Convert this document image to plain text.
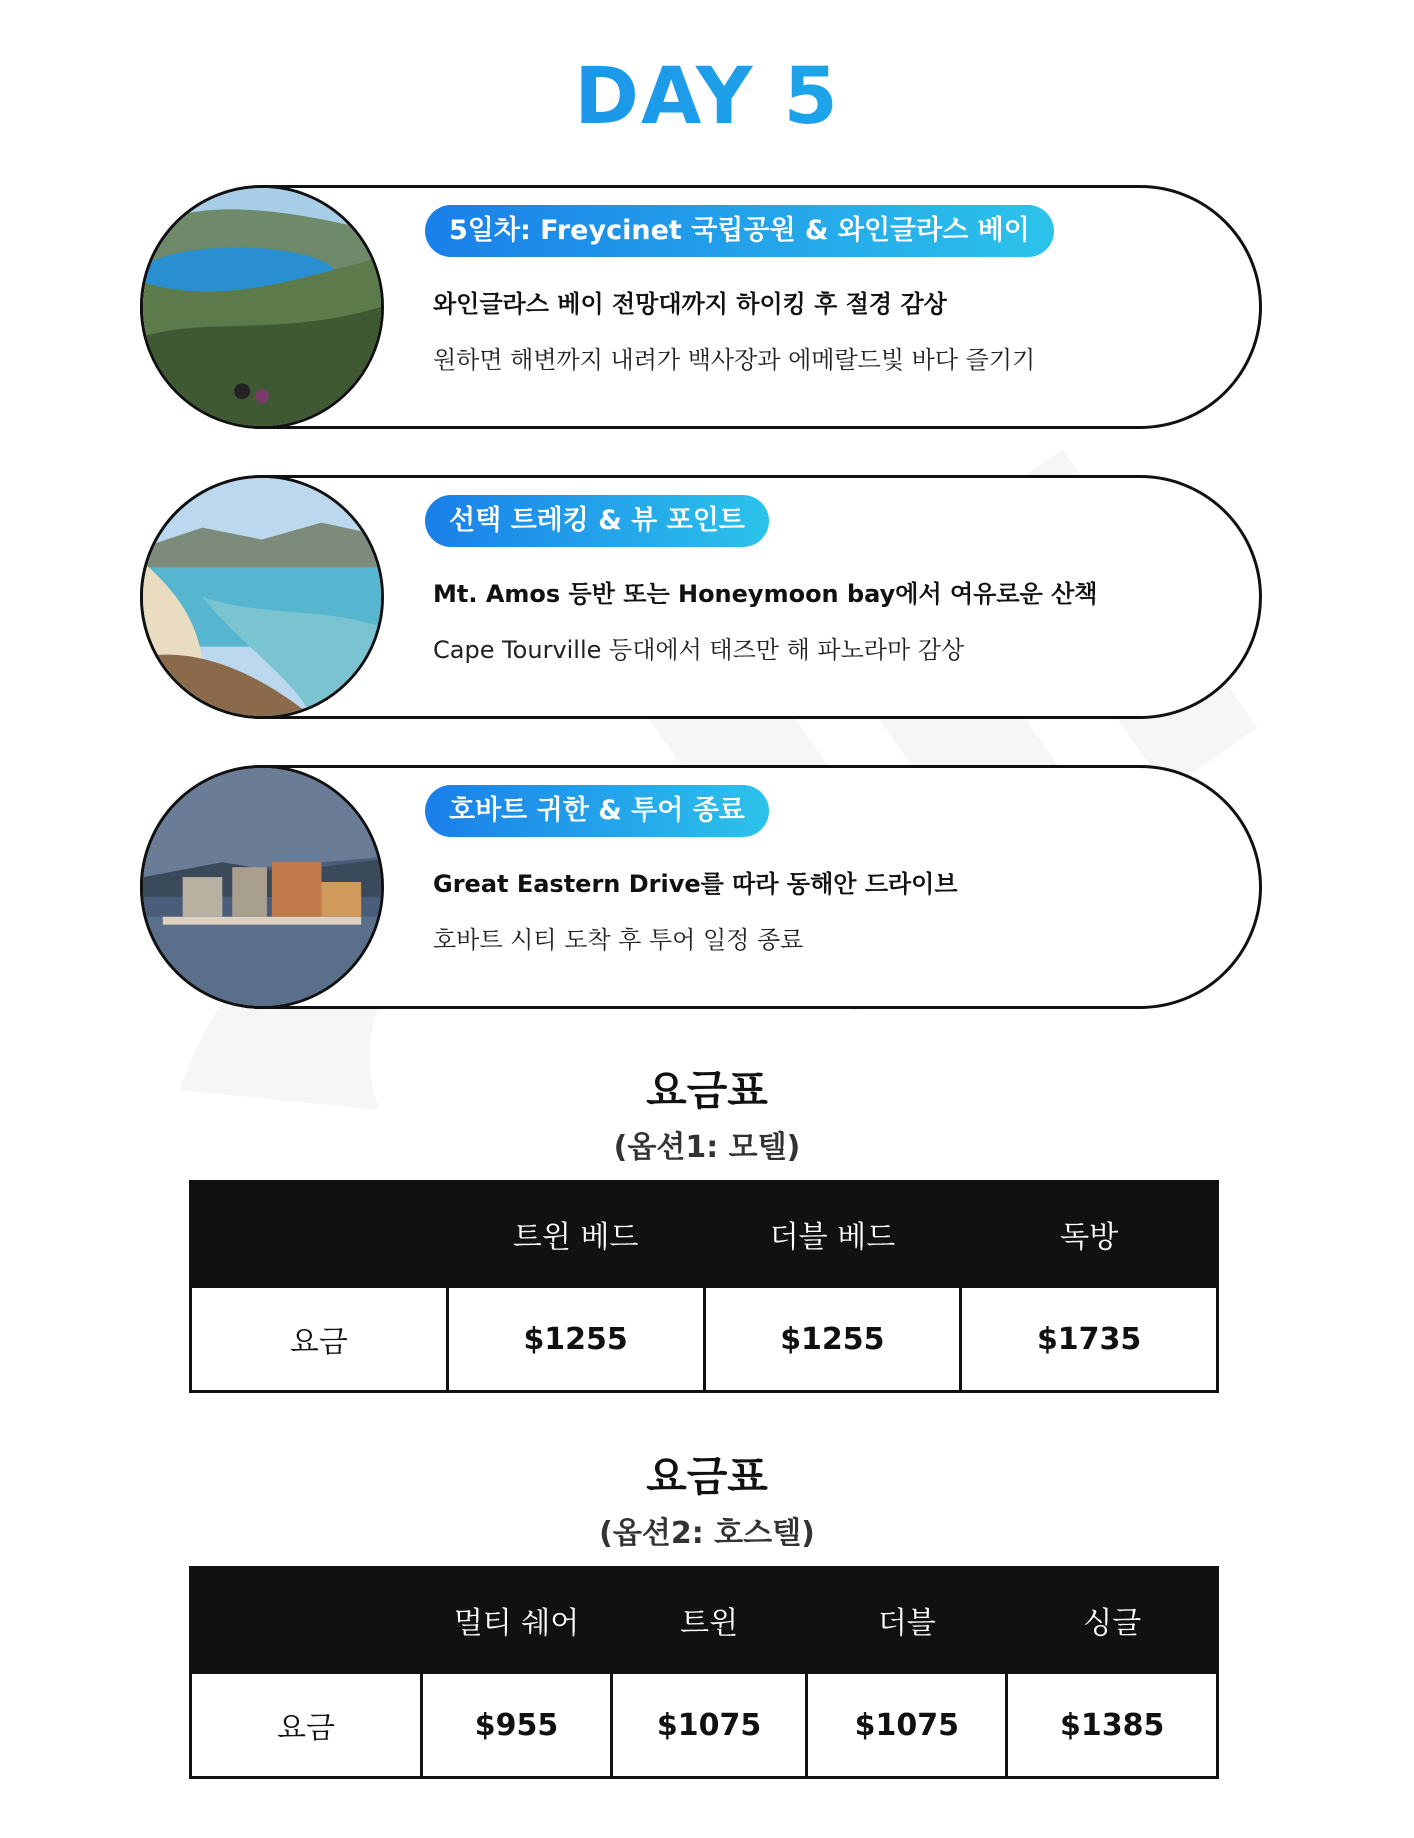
DAY 5
5일차: Freycinet 국립공원 & 와인글라스 베이
와인글라스 베이 전망대까지 하이킹 후 절경 감상
원하면 해변까지 내려가 백사장과 에메랄드빛 바다 즐기기
선택 트레킹 & 뷰 포인트
Mt. Amos 등반 또는 Honeymoon bay에서 여유로운 산책
Cape Tourville 등대에서 태즈만 해 파노라마 감상
호바트 귀한 & 투어 종료
Great Eastern Drive를 따라 동해안 드라이브
호바트 시티 도착 후 투어 일정 종료
요금표

(옵션1: 모텔)

	트윈 베드	더블 베드	독방
요금	$1255	$1255	$1735
요금표

(옵션2: 호스텔)

	멀티 쉐어	트윈	더블	싱글
요금	$955	$1075	$1075	$1385
